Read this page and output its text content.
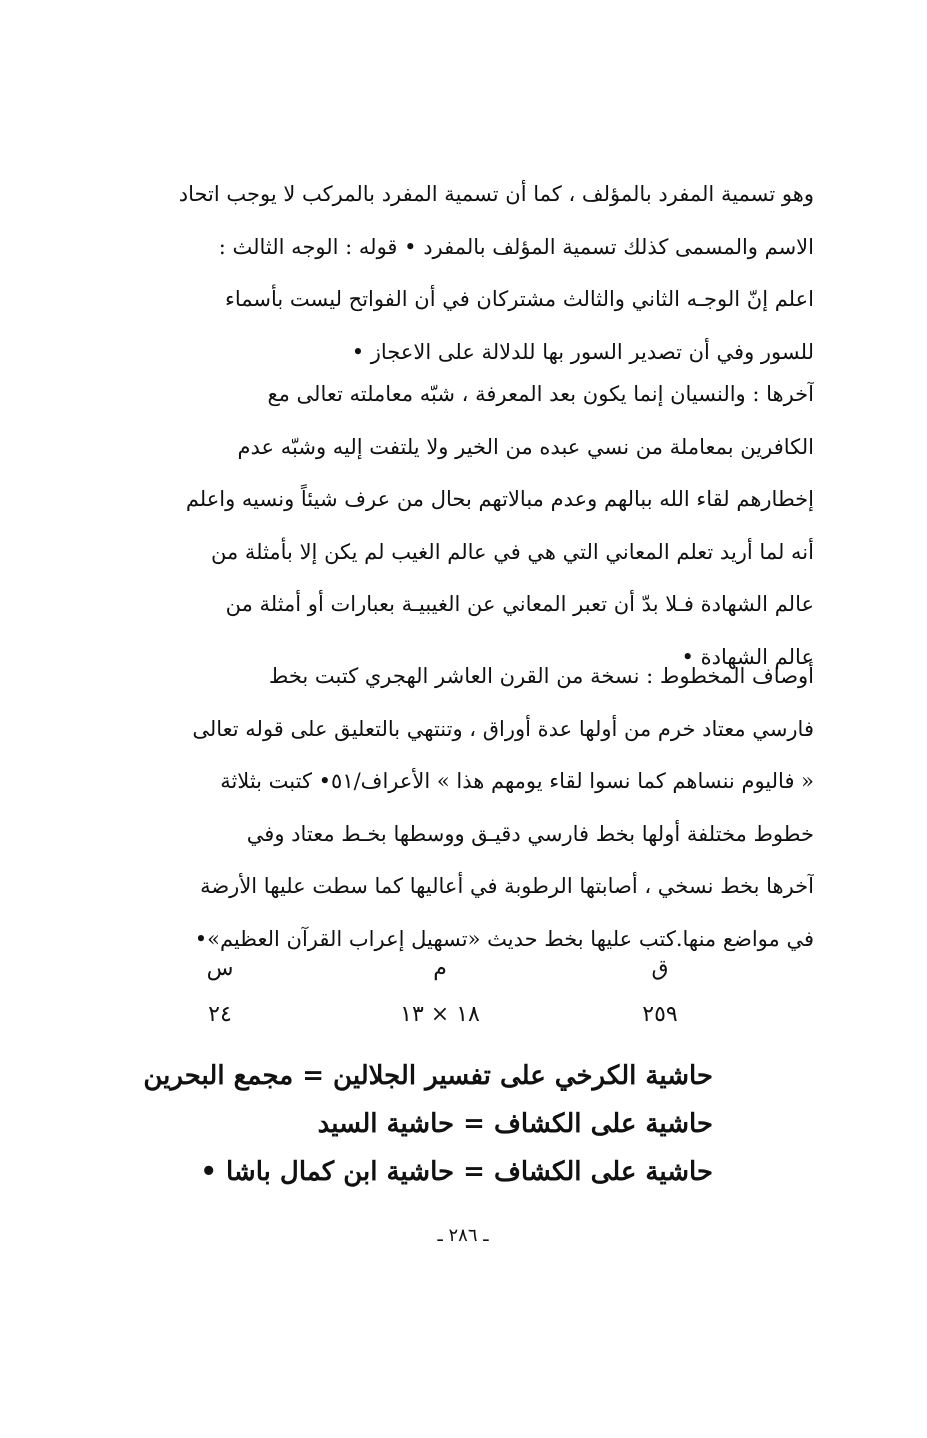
وهو تسمية المفرد بالمؤلف ، كما أن تسمية المفرد بالمركب لا يوجب اتحاد
الاسم والمسمى كذلك تسمية المؤلف بالمفرد • قوله : الوجه الثالث :
اعلم إنّ الوجـه الثاني والثالث مشتركان في أن الفواتح ليست بأسماء
للسور وفي أن تصدير السور بها للدلالة على الاعجاز •
آخرها : والنسيان إنما يكون بعد المعرفة ، شبّه معاملته تعالى مع
الكافرين بمعاملة من نسي عبده من الخير ولا يلتفت إليه وشبّه عدم
إخطارهم لقاء الله ببالهم وعدم مبالاتهم بحال من عرف شيئاً ونسيه واعلم
أنه لما أريد تعلم المعاني التي هي في عالم الغيب لم يكن إلا بأمثلة من
عالم الشهادة فـلا بدّ أن تعبر المعاني عن الغيبيـة بعبارات أو أمثلة من
عالم الشهادة •
أوصاف المخطوط : نسخة من القرن العاشر الهجري كتبت بخط
فارسي معتاد خرم من أولها عدة أوراق ، وتنتهي بالتعليق على قوله تعالى
« فاليوم ننساهم كما نسوا لقاء يومهم هذا » الأعراف/٥١• كتبت بثلاثة
خطوط مختلفة أولها بخط فارسي دقيـق ووسطها بخـط معتاد وفي
آخرها بخط نسخي ، أصابتها الرطوبة في أعاليها كما سطت عليها الأرضة
في مواضع منها.كتب عليها بخط حديث «تسهيل إعراب القرآن العظيم»•
ق
م
س
٢٥٩
١٨ × ١٣
٢٤
حاشية الكرخي على تفسير الجلالين = مجمع البحرين
حاشية على الكشاف = حاشية السيد
حاشية على الكشاف = حاشية ابن كمال باشا •
ـ ٢٨٦ ـ
